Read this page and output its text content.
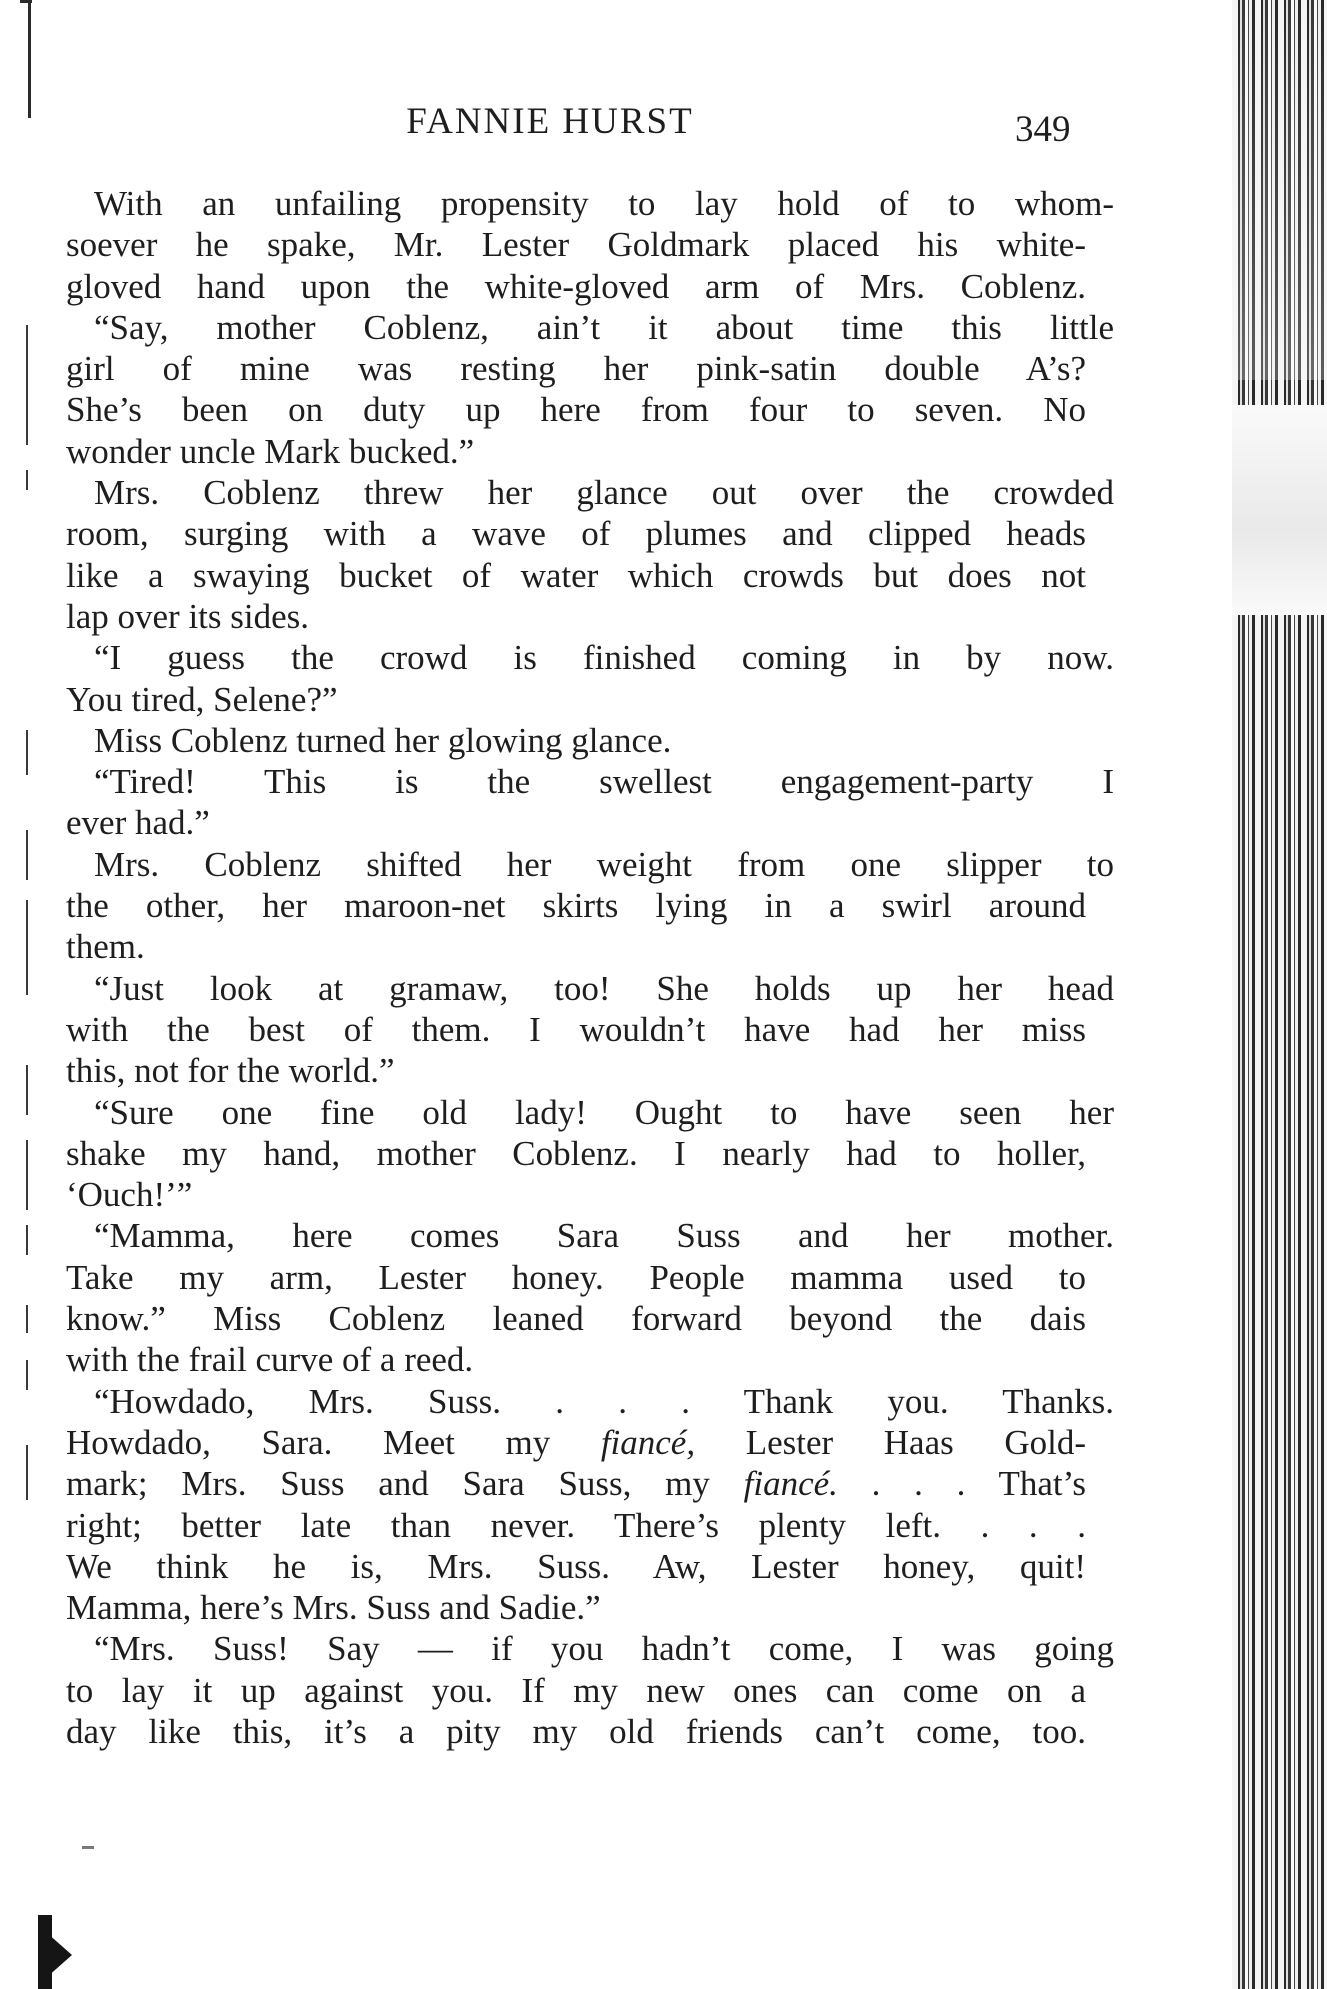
FANNIE HURST	349
With an unfailing propensity to lay hold of to whom-
soever he spake, Mr. Lester Goldmark placed his white-
gloved hand upon the white-gloved arm of Mrs. Coblenz.
“Say, mother Coblenz, ain’t it about time this little
girl of mine was resting her pink-satin double A’s?
She’s been on duty up here from four to seven. No
wonder uncle Mark bucked.”
Mrs. Coblenz threw her glance out over the crowded
room, surging with a wave of plumes and clipped heads
like a swaying bucket of water which crowds but does not
lap over its sides.
“I guess the crowd is finished coming in by now.
You tired, Selene?”
Miss Coblenz turned her glowing glance.
“Tired! This is the swellest engagement-party I
ever had.”
Mrs. Coblenz shifted her weight from one slipper to
the other, her maroon-net skirts lying in a swirl around
them.
“Just look at gramaw, too! She holds up her head
with the best of them. I wouldn’t have had her miss
this, not for the world.”
“Sure one fine old lady! Ought to have seen her
shake my hand, mother Coblenz. I nearly had to holler,
‘Ouch!’”
“Mamma, here comes Sara Suss and her mother.
Take my arm, Lester honey. People mamma used to
know.” Miss Coblenz leaned forward beyond the dais
with the frail curve of a reed.
“Howdado, Mrs. Suss. . . . Thank you. Thanks.
Howdado, Sara. Meet my fiancé, Lester Haas Gold-
mark; Mrs. Suss and Sara Suss, my fiancé. . . . That’s
right; better late than never. There’s plenty left. . . .
We think he is, Mrs. Suss. Aw, Lester honey, quit!
Mamma, here’s Mrs. Suss and Sadie.”
“Mrs. Suss! Say — if you hadn’t come, I was going
to lay it up against you. If my new ones can come on a
day like this, it’s a pity my old friends can’t come, too.
